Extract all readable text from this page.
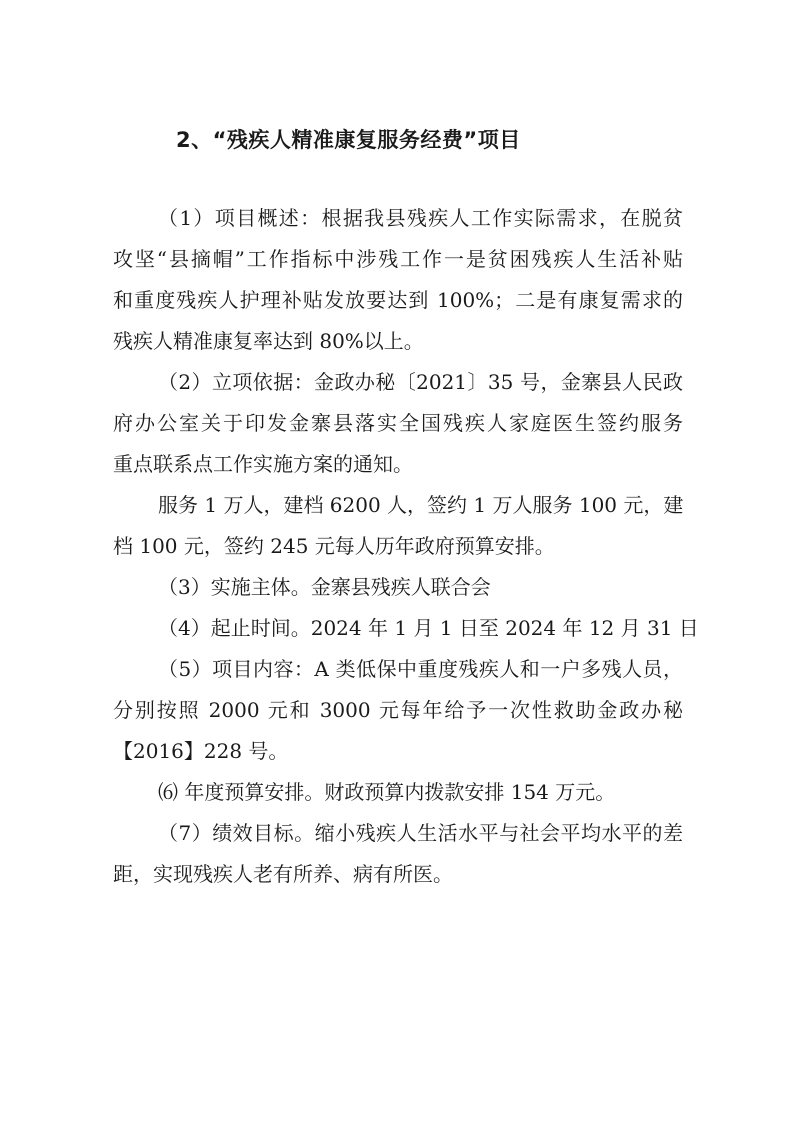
2、“残疾人精准康复服务经费”项目
（1）项目概述：根据我县残疾人工作实际需求，在脱贫
攻坚“县摘帽”工作指标中涉残工作一是贫困残疾人生活补贴
和重度残疾人护理补贴发放要达到 100%；二是有康复需求的
残疾人精准康复率达到 80%以上。
（2）立项依据：金政办秘〔2021〕35 号，金寨县人民政
府办公室关于印发金寨县落实全国残疾人家庭医生签约服务
重点联系点工作实施方案的通知。
服务 1 万人，建档 6200 人，签约 1 万人服务 100 元，建
档 100 元，签约 245 元每人历年政府预算安排。
（3）实施主体。金寨县残疾人联合会
（4）起止时间。2024 年 1 月 1 日至 2024 年 12 月 31 日
（5）项目内容：A 类低保中重度残疾人和一户多残人员，
分别按照 2000 元和 3000 元每年给予一次性救助金政办秘
【2016】228 号。
⑹ 年度预算安排。财政预算内拨款安排 154 万元。
（7）绩效目标。缩小残疾人生活水平与社会平均水平的差
距，实现残疾人老有所养、病有所医。
